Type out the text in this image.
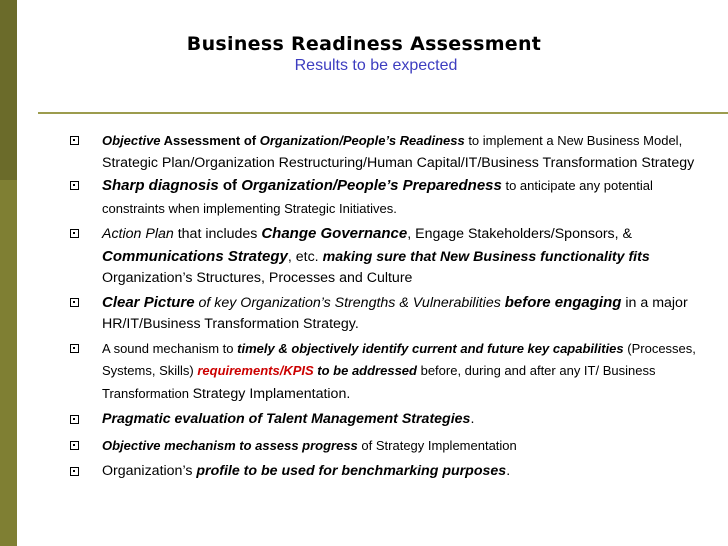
Business Readiness Assessment
Results to be expected
Objective Assessment of Organization/People’s Readiness to implement a New Business Model, Strategic Plan/Organization Restructuring/Human Capital/IT/Business Transformation Strategy
Sharp diagnosis of Organization/People’s Preparedness to anticipate any potential constraints when implementing Strategic Initiatives.
Action Plan that includes Change Governance, Engage Stakeholders/Sponsors, & Communications Strategy, etc. making sure that New Business functionality fits Organization’s Structures, Processes and Culture
Clear Picture of key Organization’s Strengths & Vulnerabilities before engaging in a major HR/IT/Business Transformation Strategy.
A sound mechanism to timely & objectively identify current and future key capabilities (Processes, Systems, Skills) requirements/KPIS to be addressed before, during and after any IT/ Business Transformation Strategy Implamentation.
Pragmatic evaluation of Talent Management Strategies.
Objective mechanism to assess progress of Strategy Implementation
Organization’s profile to be used for benchmarking purposes.
